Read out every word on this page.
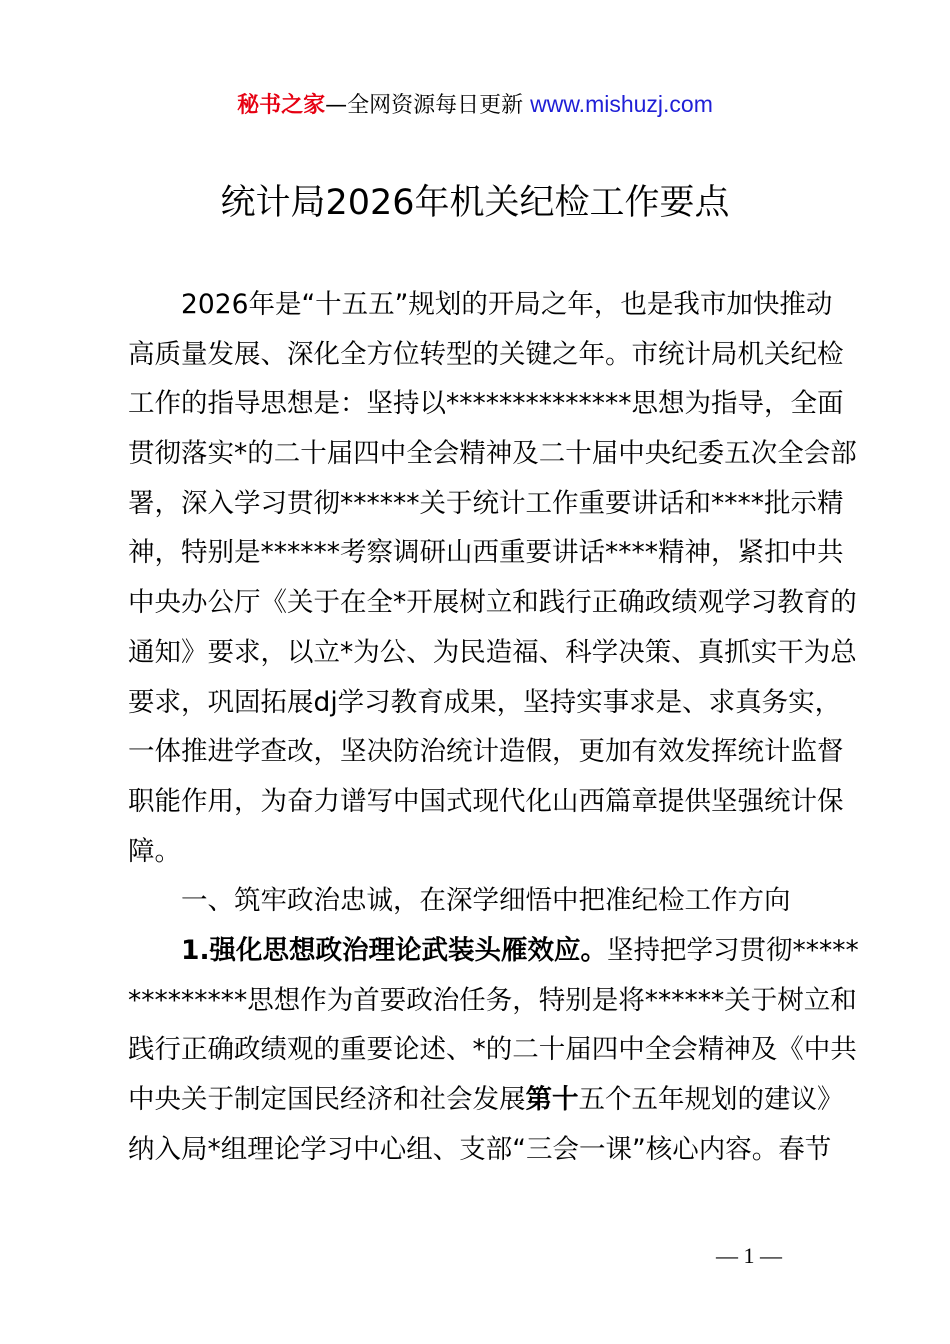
秘书之家—全网资源每日更新 www.mishuzj.com
统计局2026年机关纪检工作要点
2026年是“十五五”规划的开局之年，也是我市加快推动
高质量发展、深化全方位转型的关键之年。市统计局机关纪检
工作的指导思想是：坚持以**************思想为指导，全面
贯彻落实*的二十届四中全会精神及二十届中央纪委五次全会部
署，深入学习贯彻******关于统计工作重要讲话和****批示精
神，特别是******考察调研山西重要讲话****精神，紧扣中共
中央办公厅《关于在全*开展树立和践行正确政绩观学习教育的
通知》要求，以立*为公、为民造福、科学决策、真抓实干为总
要求，巩固拓展dj学习教育成果，坚持实事求是、求真务实，
一体推进学查改，坚决防治统计造假，更加有效发挥统计监督
职能作用，为奋力谱写中国式现代化山西篇章提供坚强统计保
障。
一、筑牢政治忠诚，在深学细悟中把准纪检工作方向
1.强化思想政治理论武装头雁效应。坚持把学习贯彻*****
*********思想作为首要政治任务，特别是将******关于树立和
践行正确政绩观的重要论述、*的二十届四中全会精神及《中共
中央关于制定国民经济和社会发展第十五个五年规划的建议》
纳入局*组理论学习中心组、支部“三会一课”核心内容。春节
— 1 —
